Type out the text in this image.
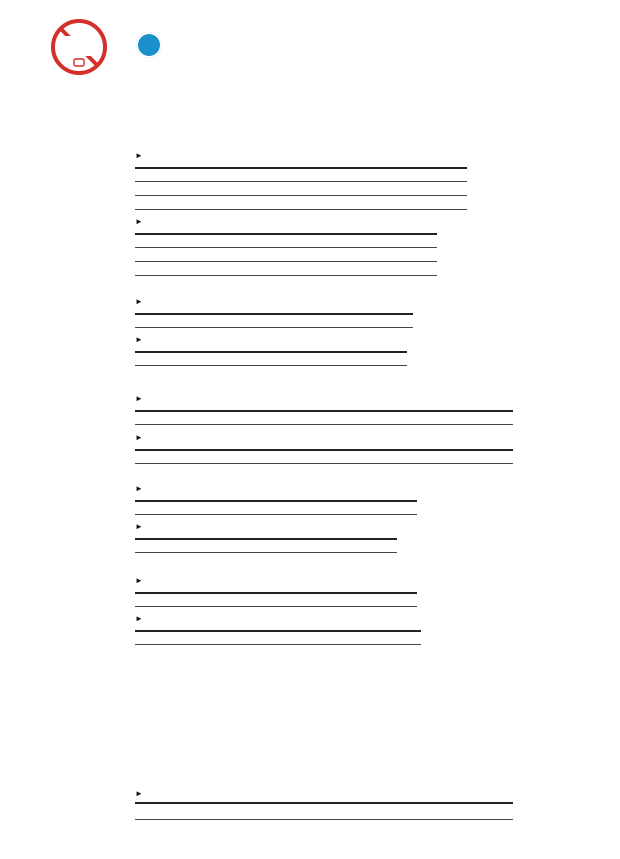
►
►
►
►
►
►
►
►
►
►
►
